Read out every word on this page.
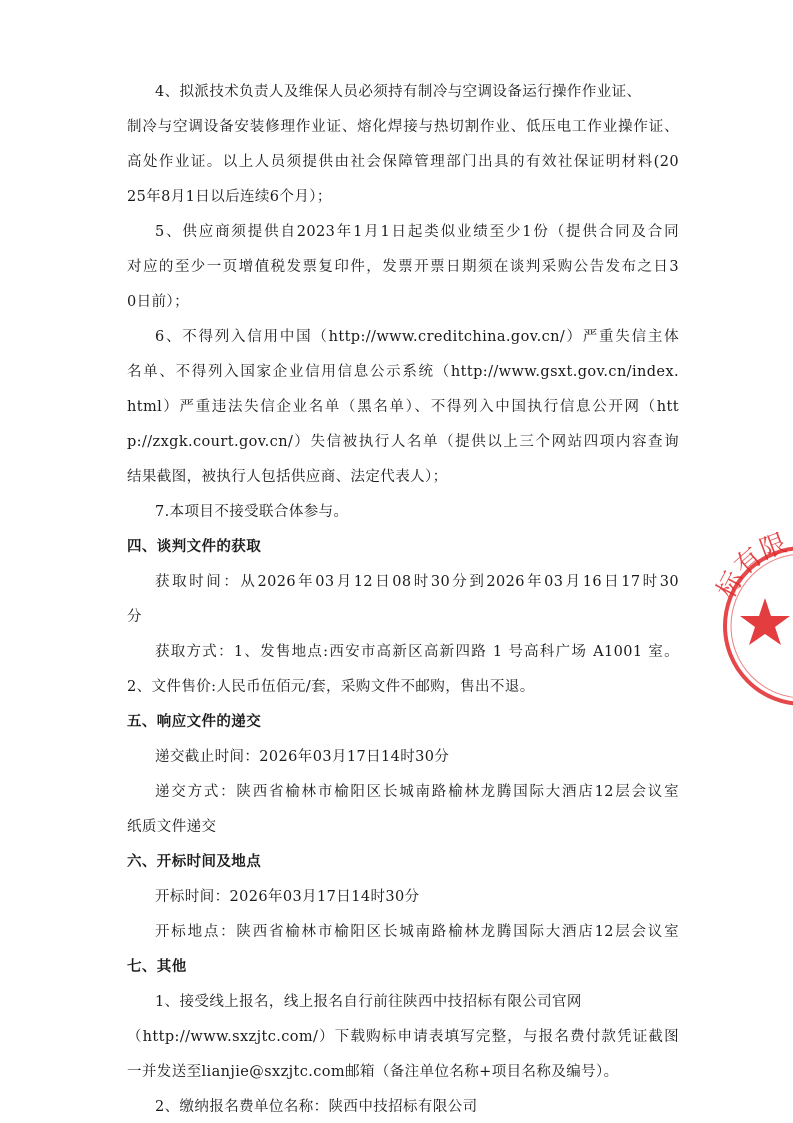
4、拟派技术负责人及维保人员必须持有制冷与空调设备运行操作作业证、
制冷与空调设备安装修理作业证、熔化焊接与热切割作业、低压电工作业操作证、
高处作业证。以上人员须提供由社会保障管理部门出具的有效社保证明材料(20
25年8月1日以后连续6个月）；
5、供应商须提供自2023年1月1日起类似业绩至少1份（提供合同及合同
对应的至少一页增值税发票复印件，发票开票日期须在谈判采购公告发布之日3
0日前）；
6、不得列入信用中国（http://www.creditchina.gov.cn/）严重失信主体
名单、不得列入国家企业信用信息公示系统（http://www.gsxt.gov.cn/index.
html）严重违法失信企业名单（黑名单）、不得列入中国执行信息公开网（htt
p://zxgk.court.gov.cn/）失信被执行人名单（提供以上三个网站四项内容查询
结果截图，被执行人包括供应商、法定代表人）；
7.本项目不接受联合体参与。
四、谈判文件的获取
获取时间：从2026年03月12日08时30分到2026年03月16日17时30
分
获取方式：1、发售地点:西安市高新区高新四路 1 号高科广场 A1001 室。
2、文件售价:人民币伍佰元/套，采购文件不邮购，售出不退。
五、响应文件的递交
递交截止时间：2026年03月17日14时30分
递交方式：陕西省榆林市榆阳区长城南路榆林龙腾国际大酒店12层会议室
纸质文件递交
六、开标时间及地点
开标时间：2026年03月17日14时30分
开标地点：陕西省榆林市榆阳区长城南路榆林龙腾国际大酒店12层会议室
七、其他
1、接受线上报名，线上报名自行前往陕西中技招标有限公司官网
（http://www.sxzjtc.com/）下载购标申请表填写完整，与报名费付款凭证截图
一并发送至lianjie@sxzjtc.com邮箱（备注单位名称+项目名称及编号）。
2、缴纳报名费单位名称：陕西中技招标有限公司
标有限
